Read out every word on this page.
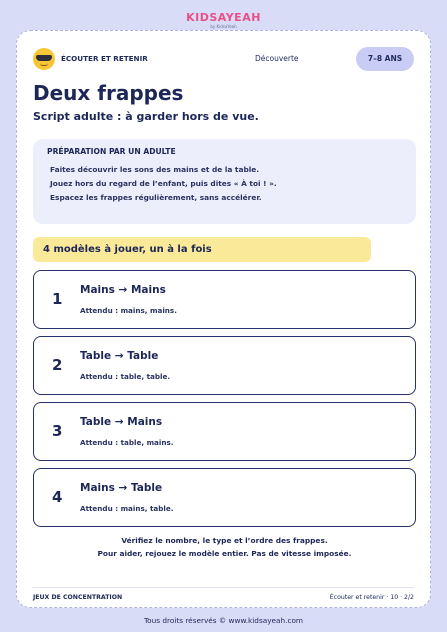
KIDSAYEAH
by KidsaYeah
ÉCOUTER ET RETENIR	Découverte	7–8 ANS
Deux frappes
Script adulte : à garder hors de vue.
PRÉPARATION PAR UN ADULTE
Faites découvrir les sons des mains et de la table.
Jouez hors du regard de l’enfant, puis dites « À toi ! ».
Espacez les frappes régulièrement, sans accélérer.
4 modèles à jouer, un à la fois
1 Mains → Mains
Attendu : mains, mains.
2 Table → Table
Attendu : table, table.
3 Table → Mains
Attendu : table, mains.
4 Mains → Table
Attendu : mains, table.
Vérifiez le nombre, le type et l’ordre des frappes.
Pour aider, rejouez le modèle entier. Pas de vitesse imposée.
JEUX DE CONCENTRATION	Écouter et retenir · 10 · 2/2
Tous droits réservés © www.kidsayeah.com
